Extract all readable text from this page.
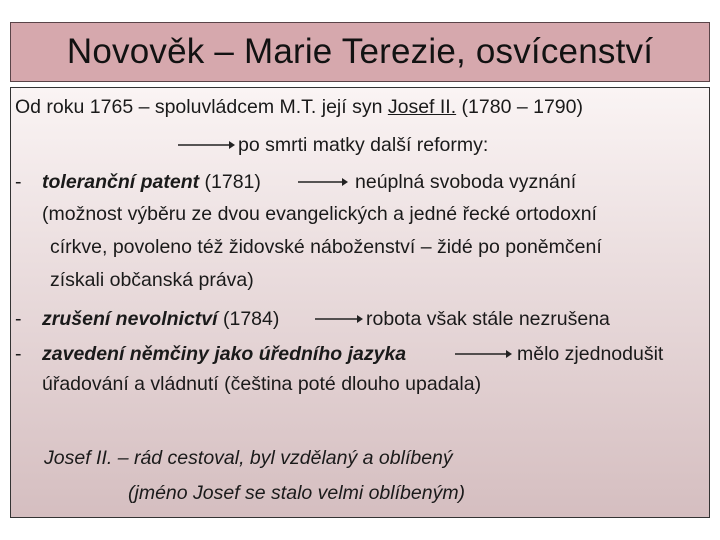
Novověk – Marie Terezie, osvícenství
Od roku 1765 – spoluvládcem M.T. její syn Josef II. (1780 – 1790)
po smrti matky další reformy:
- toleranční patent (1781)	neúplná svoboda vyznání
(možnost výběru ze dvou evangelických a jedné řecké ortodoxní
církve, povoleno též židovské náboženství – židé po poněmčení
získali občanská práva)
- zrušení nevolnictví (1784)	robota však stále nezrušena
- zavedení němčiny jako úředního jazyka	mělo zjednodušit
úřadování a vládnutí (čeština poté dlouho upadala)
Josef II. – rád cestoval, byl vzdělaný a oblíbený
(jméno Josef se stalo velmi oblíbeným)
